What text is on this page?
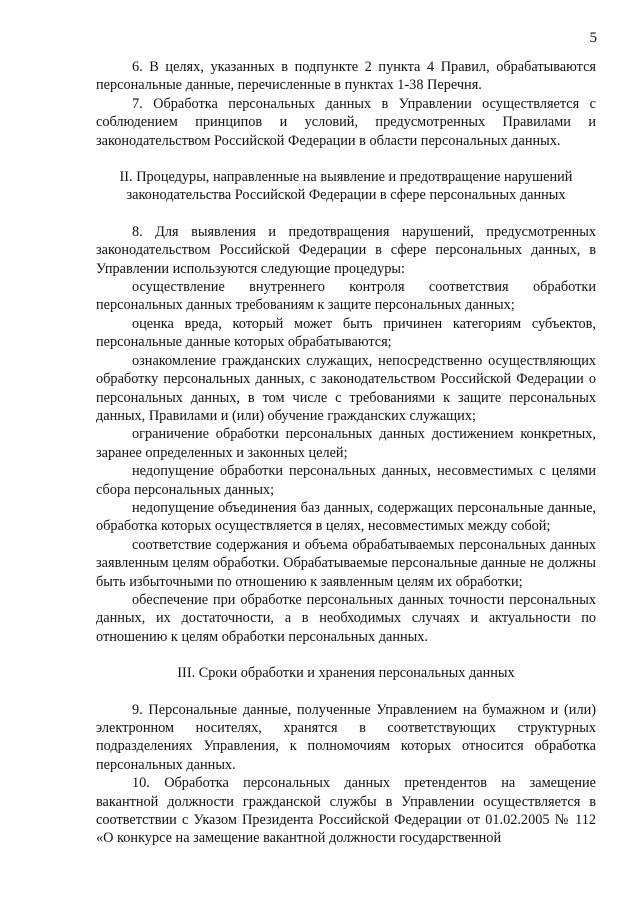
5

6. В целях, указанных в подпункте 2 пункта 4 Правил, обрабатываются персональные данные, перечисленные в пунктах 1-38 Перечня.

7. Обработка персональных данных в Управлении осуществляется с соблюдением принципов и условий, предусмотренных Правилами и законодательством Российской Федерации в области персональных данных.

II. Процедуры, направленные на выявление и предотвращение нарушений законодательства Российской Федерации в сфере персональных данных

8. Для выявления и предотвращения нарушений, предусмотренных законодательством Российской Федерации в сфере персональных данных, в Управлении используются следующие процедуры:

осуществление внутреннего контроля соответствия обработки персональных данных требованиям к защите персональных данных;

оценка вреда, который может быть причинен категориям субъектов, персональные данные которых обрабатываются;

ознакомление гражданских служащих, непосредственно осуществляющих обработку персональных данных, с законодательством Российской Федерации о персональных данных, в том числе с требованиями к защите персональных данных, Правилами и (или) обучение гражданских служащих;

ограничение обработки персональных данных достижением конкретных, заранее определенных и законных целей;

недопущение обработки персональных данных, несовместимых с целями сбора персональных данных;

недопущение объединения баз данных, содержащих персональные данные, обработка которых осуществляется в целях, несовместимых между собой;

соответствие содержания и объема обрабатываемых персональных данных заявленным целям обработки. Обрабатываемые персональные данные не должны быть избыточными по отношению к заявленным целям их обработки;

обеспечение при обработке персональных данных точности персональных данных, их достаточности, а в необходимых случаях и актуальности по отношению к целям обработки персональных данных.

III. Сроки обработки и хранения персональных данных

9. Персональные данные, полученные Управлением на бумажном и (или) электронном носителях, хранятся в соответствующих структурных подразделениях Управления, к полномочиям которых относится обработка персональных данных.

10. Обработка персональных данных претендентов на замещение вакантной должности гражданской службы в Управлении осуществляется в соответствии с Указом Президента Российской Федерации от 01.02.2005 № 112 «О конкурсе на замещение вакантной должности государственной
